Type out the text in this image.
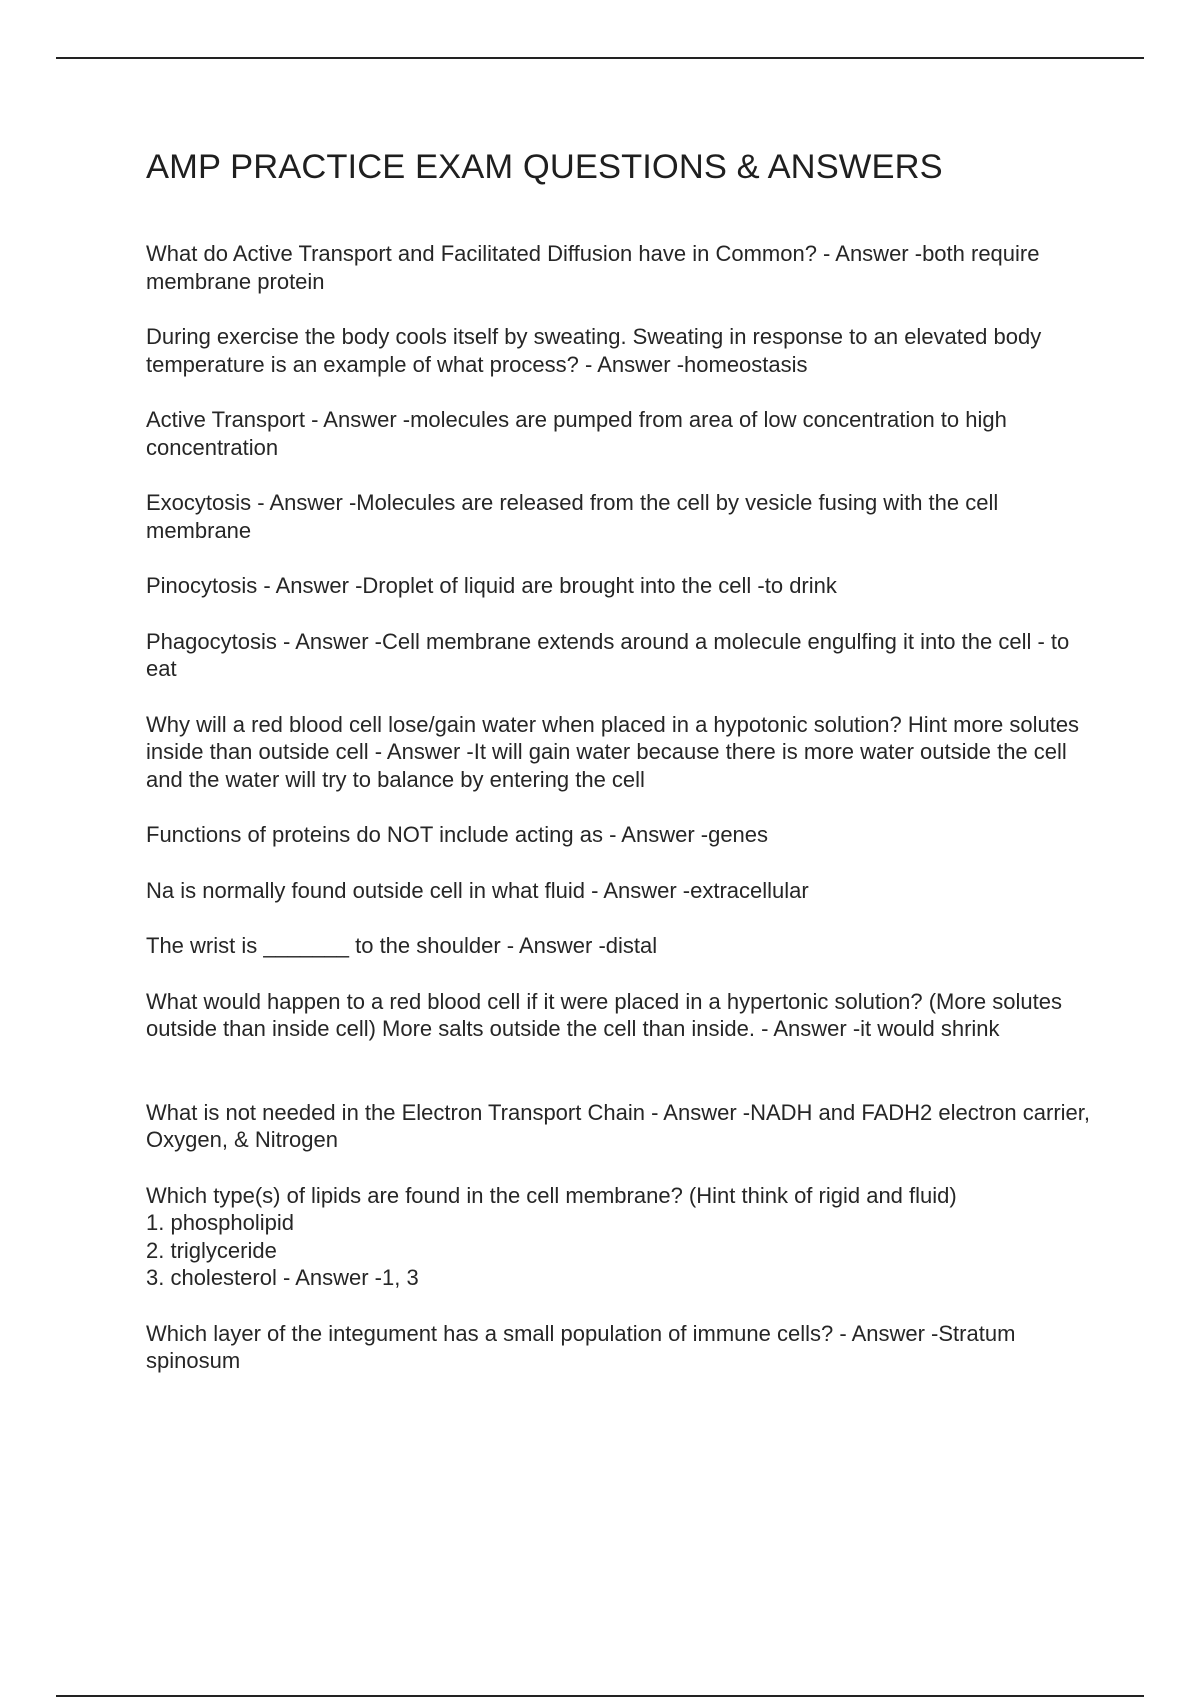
AMP PRACTICE EXAM QUESTIONS & ANSWERS

What do Active Transport and Facilitated Diffusion have in Common? - Answer -both require membrane protein

During exercise the body cools itself by sweating. Sweating in response to an elevated body temperature is an example of what process? - Answer -homeostasis

Active Transport - Answer -molecules are pumped from area of low concentration to high concentration

Exocytosis - Answer -Molecules are released from the cell by vesicle fusing with the cell membrane

Pinocytosis - Answer -Droplet of liquid are brought into the cell -to drink

Phagocytosis - Answer -Cell membrane extends around a molecule engulfing it into the cell - to eat

Why will a red blood cell lose/gain water when placed in a hypotonic solution? Hint more solutes inside than outside cell - Answer -It will gain water because there is more water outside the cell and the water will try to balance by entering the cell

Functions of proteins do NOT include acting as - Answer -genes

Na is normally found outside cell in what fluid - Answer -extracellular

The wrist is _______ to the shoulder - Answer -distal

What would happen to a red blood cell if it were placed in a hypertonic solution? (More solutes outside than inside cell) More salts outside the cell than inside. - Answer -it would shrink

What is not needed in the Electron Transport Chain - Answer -NADH and FADH2 electron carrier, Oxygen, & Nitrogen

Which type(s) of lipids are found in the cell membrane? (Hint think of rigid and fluid)
1. phospholipid
2. triglyceride
3. cholesterol - Answer -1, 3

Which layer of the integument has a small population of immune cells? - Answer -Stratum spinosum
